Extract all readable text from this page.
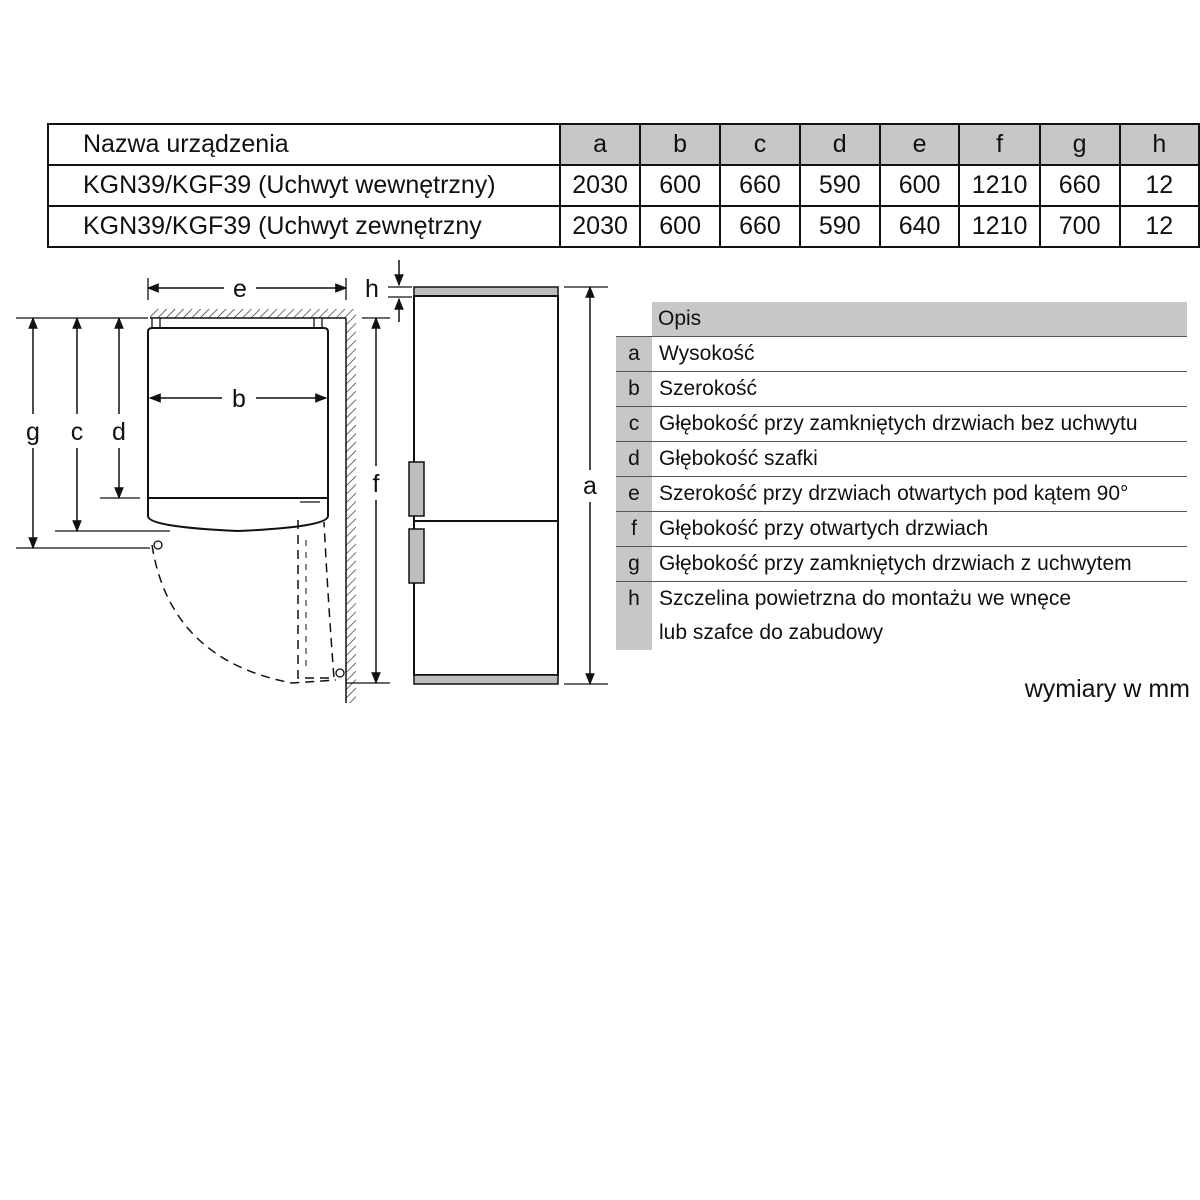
Nazwa urządzenia	a	b	c	d	e	f	g	h
KGN39/KGF39 (Uchwyt wewnętrzny)	2030	600	660	590	600	1210	660	12
KGN39/KGF39 (Uchwyt zewnętrzny	2030	600	660	590	640	1210	700	12
e
b
g c d
f
h
a
Opis
a Wysokość
b Szerokość
c Głębokość przy zamkniętych drzwiach bez uchwytu
d Głębokość szafki
e Szerokość przy drzwiach otwartych pod kątem 90°
f	Głębokość przy otwartych drzwiach
g Głębokość przy zamkniętych drzwiach z uchwytem
h Szczelina powietrzna do montażu we wnęce
lub szafce do zabudowy
wymiary w mm
